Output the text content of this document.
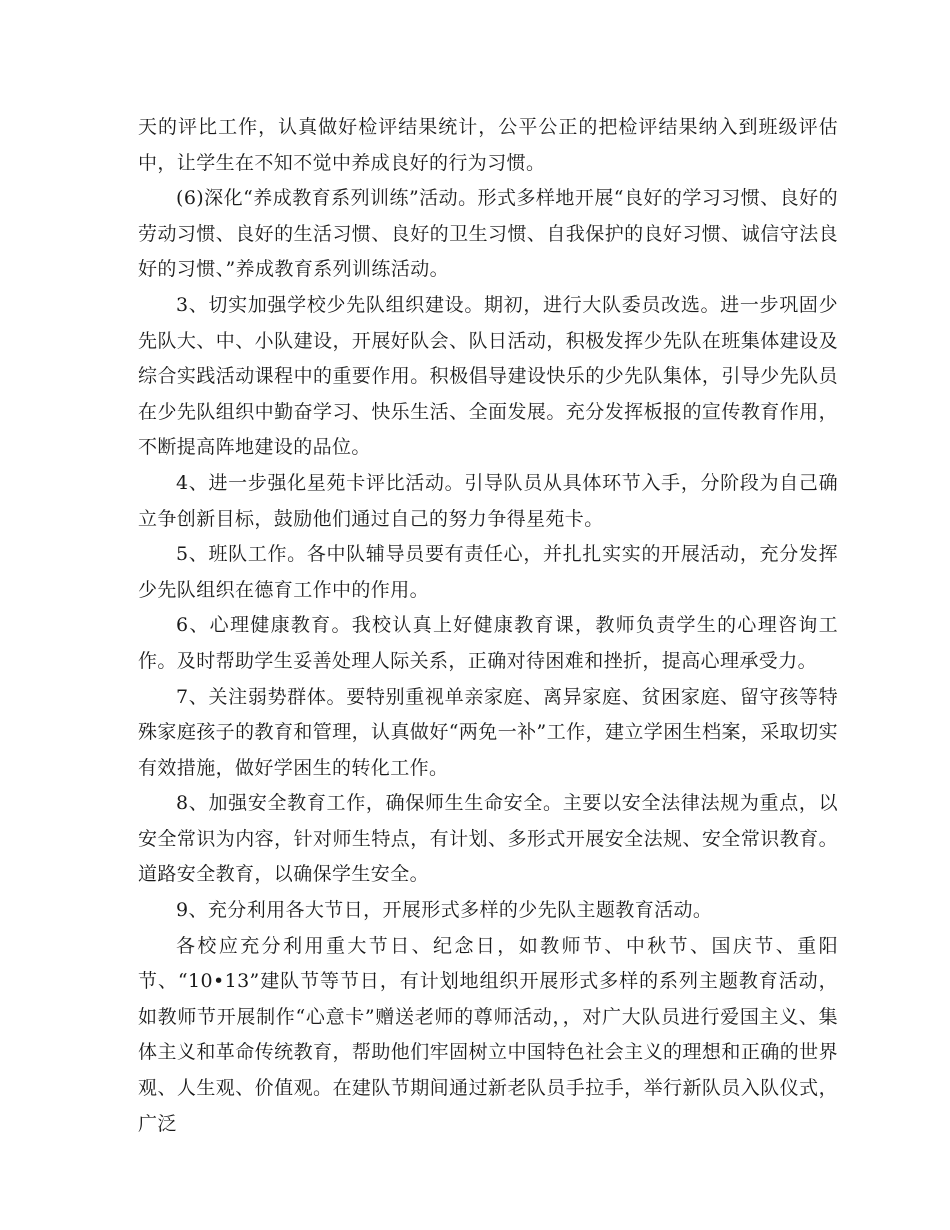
天的评比工作，认真做好检评结果统计，公平公正的把检评结果纳入到班级评估中，让学生在不知不觉中养成良好的行为习惯。

(6)深化“养成教育系列训练”活动。形式多样地开展“良好的学习习惯、良好的劳动习惯、良好的生活习惯、良好的卫生习惯、自我保护的良好习惯、诚信守法良好的习惯、”养成教育系列训练活动。

3、切实加强学校少先队组织建设。期初，进行大队委员改选。进一步巩固少先队大、中、小队建设，开展好队会、队日活动，积极发挥少先队在班集体建设及综合实践活动课程中的重要作用。积极倡导建设快乐的少先队集体，引导少先队员在少先队组织中勤奋学习、快乐生活、全面发展。充分发挥板报的宣传教育作用，不断提高阵地建设的品位。

4、进一步强化星苑卡评比活动。引导队员从具体环节入手，分阶段为自己确立争创新目标，鼓励他们通过自己的努力争得星苑卡。

5、班队工作。各中队辅导员要有责任心，并扎扎实实的开展活动，充分发挥少先队组织在德育工作中的作用。

6、心理健康教育。我校认真上好健康教育课，教师负责学生的心理咨询工作。及时帮助学生妥善处理人际关系，正确对待困难和挫折，提高心理承受力。

7、关注弱势群体。要特别重视单亲家庭、离异家庭、贫困家庭、留守孩等特殊家庭孩子的教育和管理，认真做好“两免一补”工作，建立学困生档案，采取切实有效措施，做好学困生的转化工作。

8、加强安全教育工作，确保师生生命安全。主要以安全法律法规为重点，以安全常识为内容，针对师生特点，有计划、多形式开展安全法规、安全常识教育。道路安全教育，以确保学生安全。

9、充分利用各大节日，开展形式多样的少先队主题教育活动。

各校应充分利用重大节日、纪念日，如教师节、中秋节、国庆节、重阳节、“10•13”建队节等节日，有计划地组织开展形式多样的系列主题教育活动，如教师节开展制作“心意卡”赠送老师的尊师活动，，对广大队员进行爱国主义、集体主义和革命传统教育，帮助他们牢固树立中国特色社会主义的理想和正确的世界观、人生观、价值观。在建队节期间通过新老队员手拉手，举行新队员入队仪式，广泛
